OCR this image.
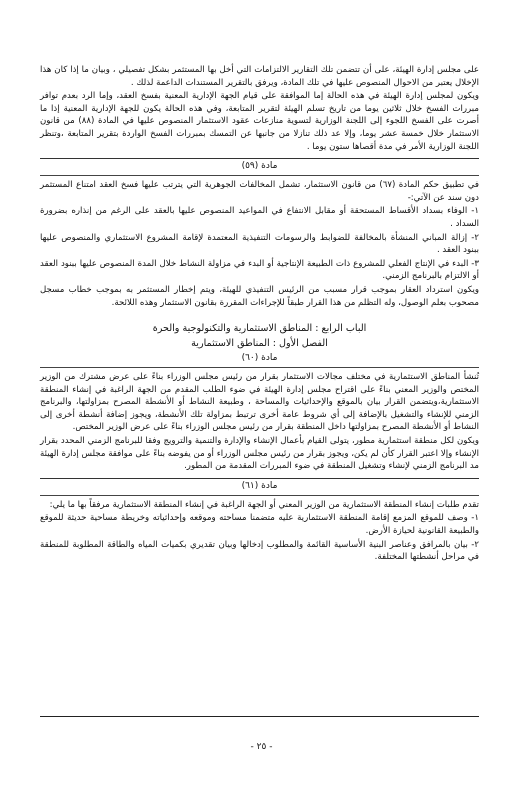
على مجلس إدارة الهيئة، على أن تتضمن تلك التقارير الالتزامات التي أخل بها المستثمر بشكل تفصيلي ، وبيان ما إذا كان هذا الإخلال يعتبر من الاحوال المنصوص عليها في تلك المادة، ويرفق بالتقرير المستندات الداعمة لذلك .

ويكون لمجلس إدارة الهيئة في هذه الحالة إما الموافقة على قيام الجهة الإدارية المعنية بفسخ العقد، وإما الرد بعدم توافر مبررات الفسخ خلال ثلاثين يوما من تاريخ تسلم الهيئة لتقرير المتابعة، وفي هذه الحالة يكون للجهة الإدارية المعنية إذا ما أصرت على الفسخ اللجوء إلى اللجنة الوزارية لتسوية منازعات عقود الاستثمار المنصوص عليها في المادة (٨٨) من قانون الاستثمار خلال خمسة عشر يوما، وإلا عد ذلك تنازلا من جانبها عن التمسك بمبررات الفسخ الواردة بتقرير المتابعة ،وتنظر اللجنة الوزارية الأمر في مدة أقصاها ستون يوما .

مادة (٥٩)

في تطبيق حكم المادة (٦٧) من قانون الاستثمار، تشمل المخالفات الجوهرية التي يترتب عليها فسخ العقد امتناع المستثمر دون سند عن الآتي:-

١- الوفاء بسداد الأقساط المستحقة أو مقابل الانتفاع في المواعيد المنصوص عليها بالعقد على الرغم من إنذاره بضرورة السداد .

٢- إزالة المباني المنشأة بالمخالفة للضوابط والرسومات التنفيذية المعتمدة لإقامة المشروع الاستثماري والمنصوص عليها ببنود العقد .

٣- البدء في الإنتاج الفعلي للمشروع ذات الطبيعة الإنتاجية أو البدء في مزاولة النشاط خلال المدة المنصوص عليها ببنود العقد أو الالتزام بالبرنامج الزمني.

ويكون استرداد العقار بموجب قرار مسبب من الرئيس التنفيذي للهيئة، ويتم إخطار المستثمر به بموجب خطاب مسجل مصحوب بعلم الوصول، وله التظلم من هذا القرار طبقاً للإجراءات المقررة بقانون الاستثمار وهذه اللائحة.

الباب الرابع : المناطق الاستثمارية والتكنولوجية والحرة
الفصل الأول : المناطق الاستثمارية
مادة (٦٠)

تُنشأ المناطق الاستثمارية في مختلف مجالات الاستثمار بقرار من رئيس مجلس الوزراء بناءً على عرض مشترك من الوزير المختص والوزير المعني بناءً على اقتراح مجلس إدارة الهيئة في ضوء الطلب المقدم من الجهة الراغبة في إنشاء المنطقة الاستثمارية،ويتضمن القرار بيان بالموقع والإحداثيات والمساحة ، وطبيعة النشاط أو الأنشطة المصرح بمزاولتها، والبرنامج الزمني للإنشاء والتشغيل بالإضافة إلى أي شروط عامة أخرى ترتبط بمزاولة تلك الأنشطة، ويجوز إضافة أنشطة أخرى إلى النشاط أو الأنشطة المصرح بمزاولتها داخل المنطقة بقرار من رئيس مجلس الوزراء بناءً على عرض الوزير المختص.

ويكون لكل منطقة استثمارية مطور، يتولى القيام بأعمال الإنشاء والإدارة والتنمية والترويج وفقا للبرنامج الزمني المحدد بقرار الإنشاء وإلا اعتبر القرار كأن لم يكن، ويجوز بقرار من رئيس مجلس الوزراء أو من يفوضه بناءً على موافقة مجلس إدارة الهيئة مد البرنامج الزمني لإنشاء وتشغيل المنطقة في ضوء المبررات المقدمة من المطور.

مادة (٦١)

تقدم طلبات إنشاء المنطقة الاستثمارية من الوزير المعني أو الجهة الراغبة في إنشاء المنطقة الاستثمارية مرفقاً بها ما يلي:

١- وصف للموقع المزمع إقامة المنطقة الاستثمارية عليه متضمنا مساحته وموقعه وإحداثياته وخريطة مساحية حديثة للموقع والطبيعة القانونية لحيازة الأرض.

٢- بيان بالمرافق وعناصر البنية الأساسية القائمة والمطلوب إدخالها وبيان تقديري بكميات المياه والطاقة المطلوبة للمنطقة في مراحل أنشطتها المختلفة.

- ٢٥ -
